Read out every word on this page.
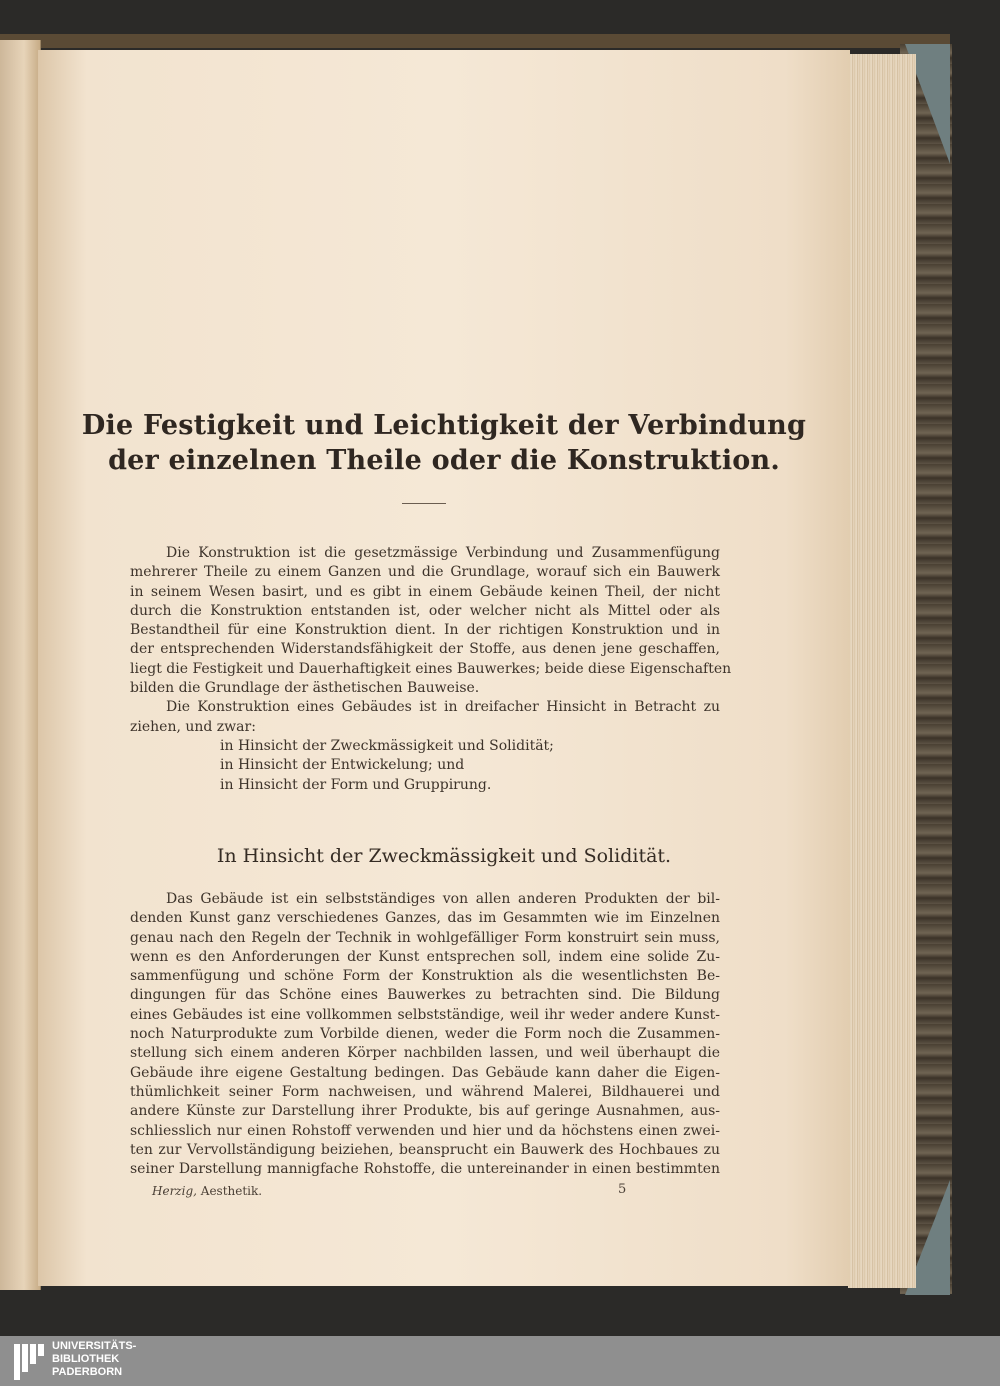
Die Festigkeit und Leichtigkeit der Verbindung
der einzelnen Theile oder die Konstruktion.
Die Konstruktion ist die gesetzmässige Verbindung und Zusammenfügung
mehrerer Theile zu einem Ganzen und die Grundlage, worauf sich ein Bauwerk
in seinem Wesen basirt, und es gibt in einem Gebäude keinen Theil, der nicht
durch die Konstruktion entstanden ist, oder welcher nicht als Mittel oder als
Bestandtheil für eine Konstruktion dient. In der richtigen Konstruktion und in
der entsprechenden Widerstandsfähigkeit der Stoffe, aus denen jene geschaffen,
liegt die Festigkeit und Dauerhaftigkeit eines Bauwerkes; beide diese Eigenschaften
bilden die Grundlage der ästhetischen Bauweise.
Die Konstruktion eines Gebäudes ist in dreifacher Hinsicht in Betracht zu
ziehen, und zwar:
in Hinsicht der Zweckmässigkeit und Solidität;
in Hinsicht der Entwickelung; und
in Hinsicht der Form und Gruppirung.
In Hinsicht der Zweckmässigkeit und Solidität.
Das Gebäude ist ein selbstständiges von allen anderen Produkten der bil-
denden Kunst ganz verschiedenes Ganzes, das im Gesammten wie im Einzelnen
genau nach den Regeln der Technik in wohlgefälliger Form konstruirt sein muss,
wenn es den Anforderungen der Kunst entsprechen soll, indem eine solide Zu-
sammenfügung und schöne Form der Konstruktion als die wesentlichsten Be-
dingungen für das Schöne eines Bauwerkes zu betrachten sind. Die Bildung
eines Gebäudes ist eine vollkommen selbstständige, weil ihr weder andere Kunst-
noch Naturprodukte zum Vorbilde dienen, weder die Form noch die Zusammen-
stellung sich einem anderen Körper nachbilden lassen, und weil überhaupt die
Gebäude ihre eigene Gestaltung bedingen. Das Gebäude kann daher die Eigen-
thümlichkeit seiner Form nachweisen, und während Malerei, Bildhauerei und
andere Künste zur Darstellung ihrer Produkte, bis auf geringe Ausnahmen, aus-
schliesslich nur einen Rohstoff verwenden und hier und da höchstens einen zwei-
ten zur Vervollständigung beiziehen, beansprucht ein Bauwerk des Hochbaues zu
seiner Darstellung mannigfache Rohstoffe, die untereinander in einen bestimmten
Herzig, Aesthetik.	5
UNIVERSITÄTS-
BIBLIOTHEK
PADERBORN
